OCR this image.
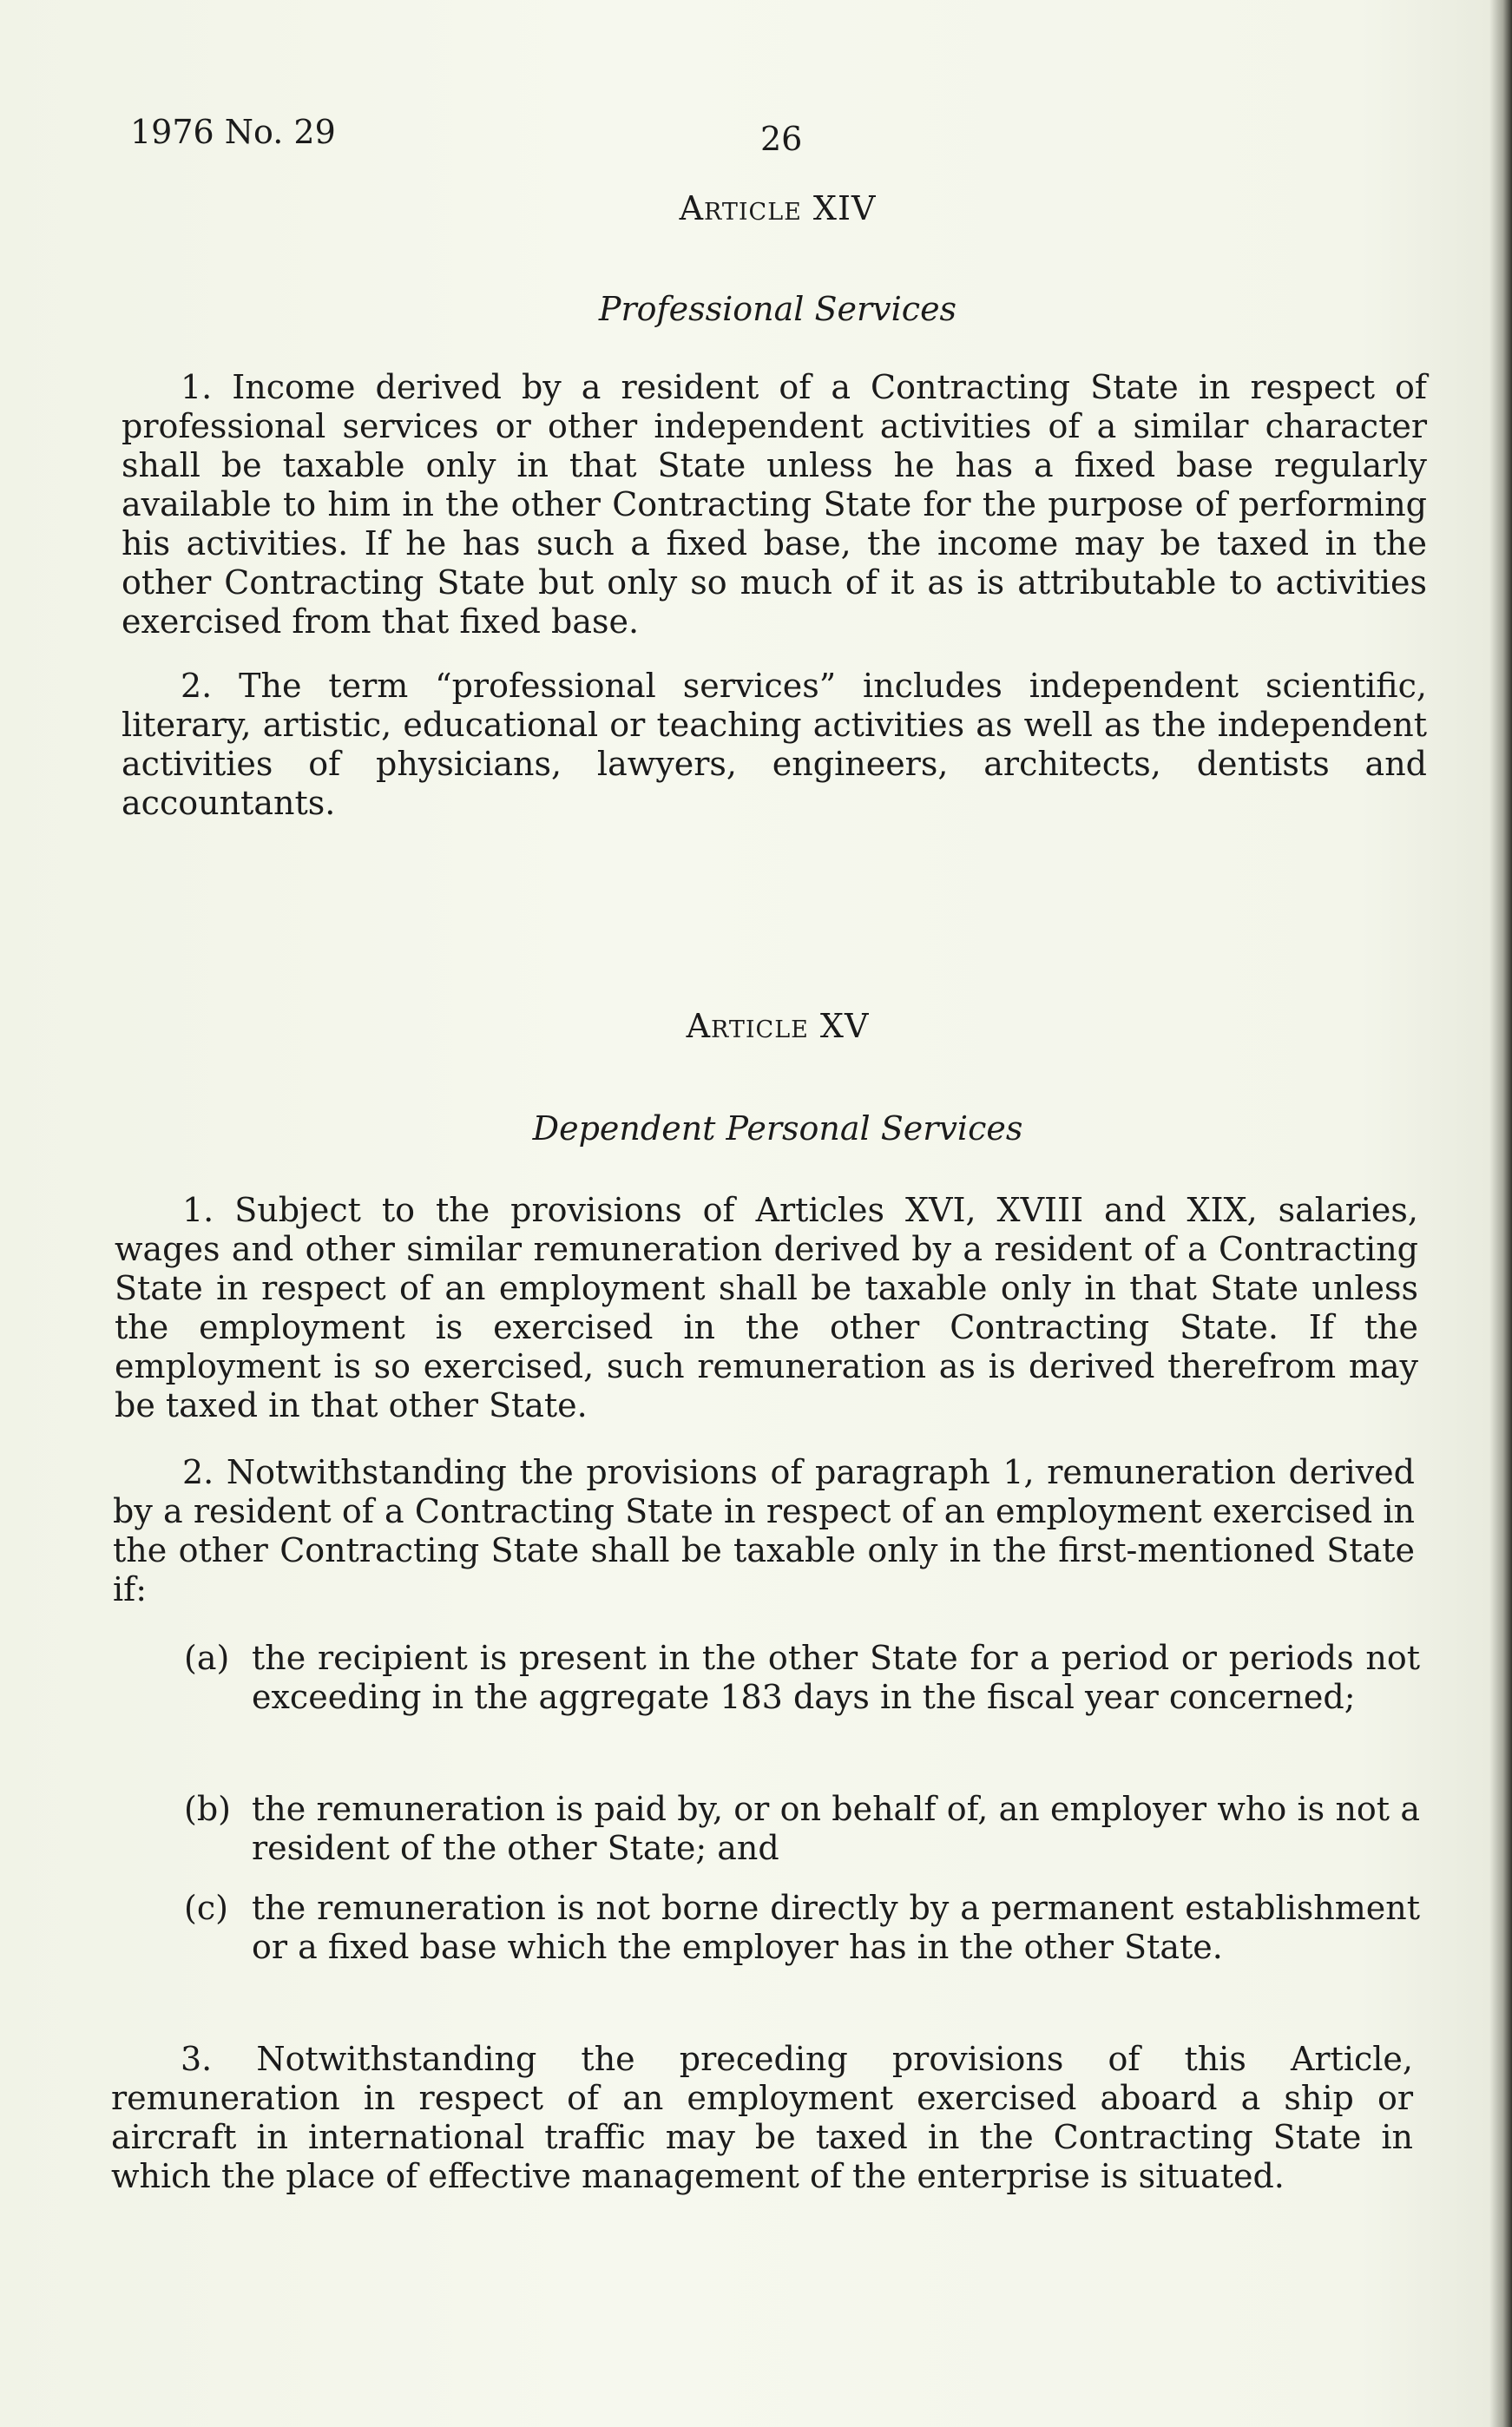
1976 No. 29	26
Article XIV
Professional Services
1. Income derived by a resident of a Contracting State in respect of professional services or other independent activities of a similar character shall be taxable only in that State unless he has a fixed base regularly available to him in the other Contracting State for the purpose of performing his activities. If he has such a fixed base, the income may be taxed in the other Contracting State but only so much of it as is attributable to activities exercised from that fixed base.
2. The term “professional services” includes independent scientific, literary, artistic, educational or teaching activities as well as the independent activities of physicians, lawyers, engineers, architects, dentists and accountants.
Article XV
Dependent Personal Services
1. Subject to the provisions of Articles XVI, XVIII and XIX, salaries, wages and other similar remuneration derived by a resident of a Contracting State in respect of an employment shall be taxable only in that State unless the employment is exercised in the other Contracting State. If the employment is so exercised, such remuneration as is derived therefrom may be taxed in that other State.
2. Notwithstanding the provisions of paragraph 1, remuneration derived by a resident of a Contracting State in respect of an employment exercised in the other Contracting State shall be taxable only in the first-mentioned State if:
(a) the recipient is present in the other State for a period or periods not exceeding in the aggregate 183 days in the fiscal year concerned;
(b) the remuneration is paid by, or on behalf of, an employer who is not a resident of the other State; and
(c) the remuneration is not borne directly by a permanent establishment or a fixed base which the employer has in the other State.
3. Notwithstanding the preceding provisions of this Article, remuneration in respect of an employment exercised aboard a ship or aircraft in international traffic may be taxed in the Contracting State in which the place of effective management of the enterprise is situated.
